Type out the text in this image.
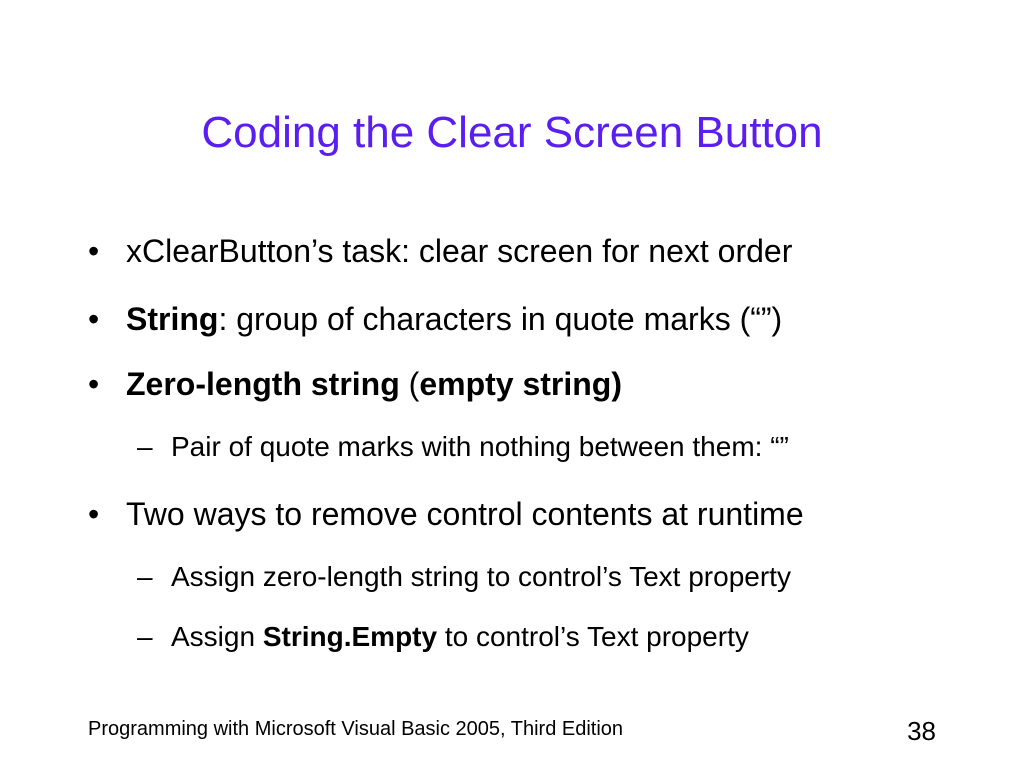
Coding the Clear Screen Button
• xClearButton’s task: clear screen for next order
• String: group of characters in quote marks (“”)
• Zero-length string (empty string)
– Pair of quote marks with nothing between them: “”
• Two ways to remove control contents at runtime
– Assign zero-length string to control’s Text property
– Assign String.Empty to control’s Text property
Programming with Microsoft Visual Basic 2005, Third Edition	38
